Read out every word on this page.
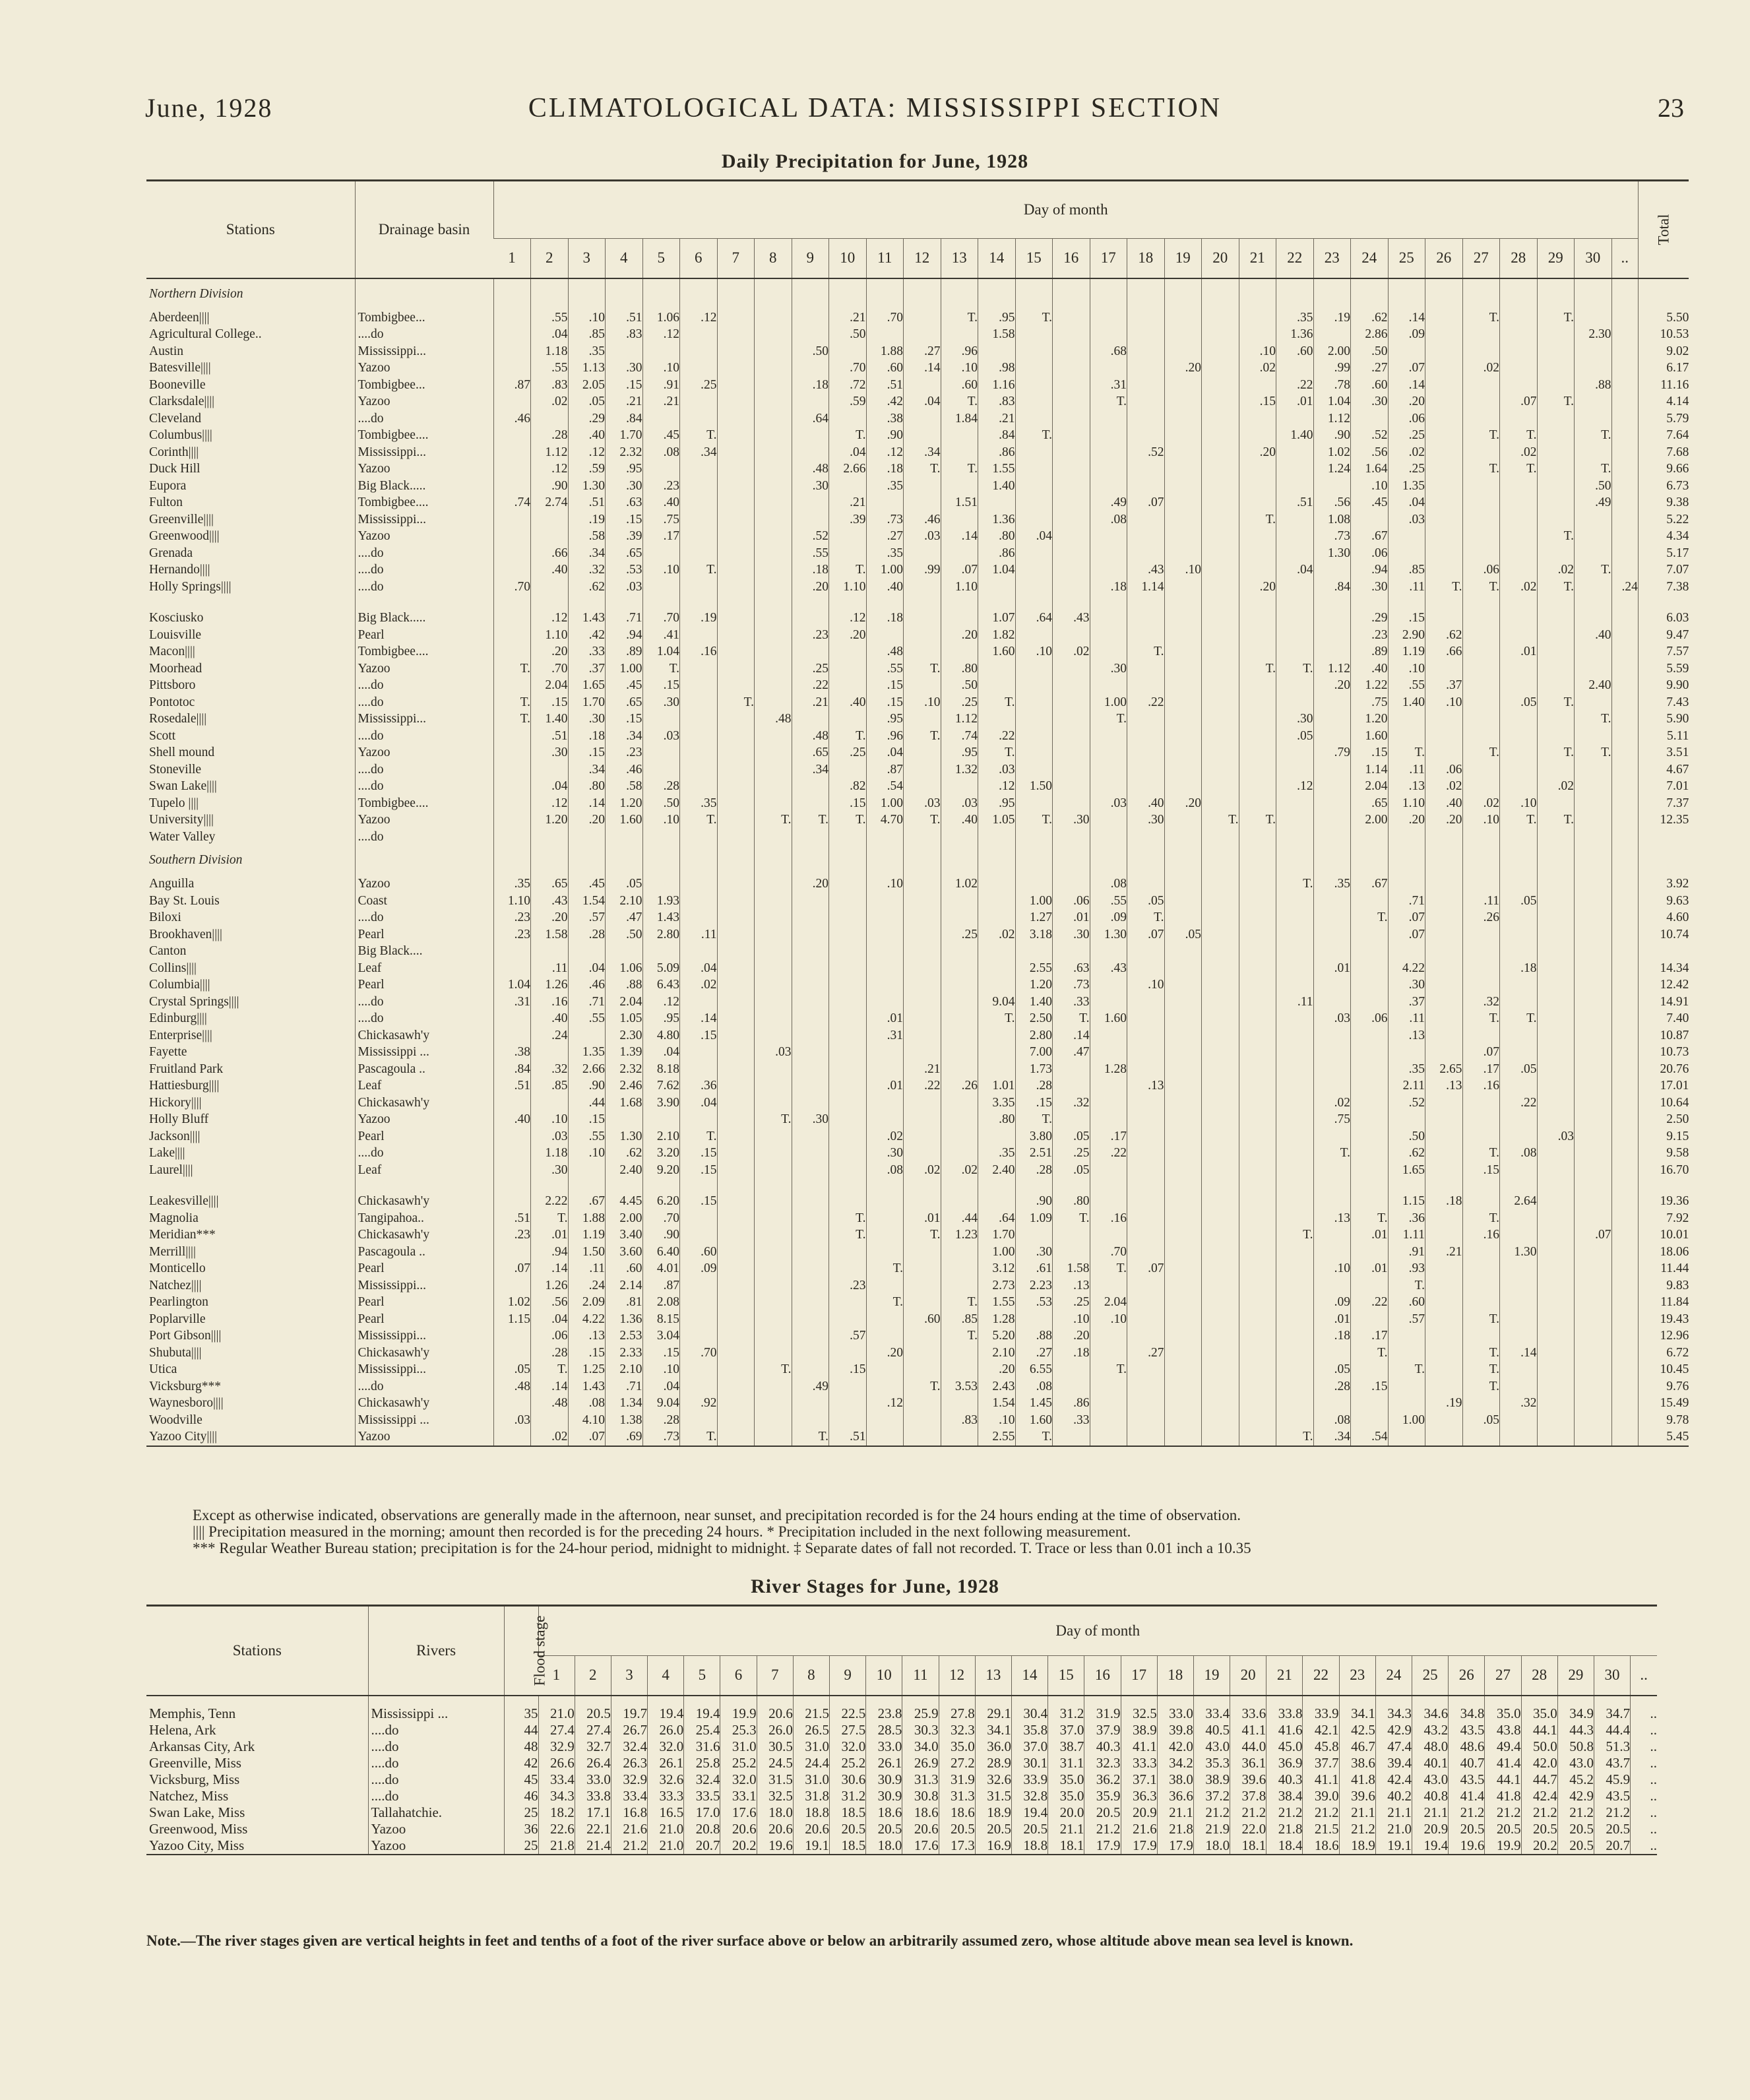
June, 1928	CLIMATOLOGICAL DATA: MISSISSIPPI SECTION	23
Daily Precipitation for June, 1928
Stations	Drainage basin	Day of month																															Total
		1	2	3	4	5	6	7	8	9	10	11	12	13	14	15	16	17	18	19	20	21	22	23	24	25	26	27	28	29	30	..	
Northern Division																																	
Aberdeen||||	Tombigbee...		.55	.10	.51	1.06	.12				.21	.70		T.	.95	T.							.35	.19	.62	.14		T.		T.			5.50
Agricultural College..	....do		.04	.85	.83	.12					.50				1.58								1.36		2.86	.09					2.30		10.53
Austin	Mississippi...		1.18	.35						.50		1.88	.27	.96				.68				.10	.60	2.00	.50								9.02
Batesville||||	Yazoo		.55	1.13	.30	.10					.70	.60	.14	.10	.98					.20		.02		.99	.27	.07		.02					6.17
Booneville	Tombigbee...	.87	.83	2.05	.15	.91	.25			.18	.72	.51		.60	1.16			.31					.22	.78	.60	.14					.88		11.16
Clarksdale||||	Yazoo		.02	.05	.21	.21					.59	.42	.04	T.	.83			T.				.15	.01	1.04	.30	.20			.07	T.			4.14
Cleveland	....do	.46		.29	.84					.64		.38		1.84	.21									1.12		.06							5.79
Columbus||||	Tombigbee....		.28	.40	1.70	.45	T.				T.	.90			.84	T.							1.40	.90	.52	.25		T.	T.		T.		7.64
Corinth||||	Mississippi...		1.12	.12	2.32	.08	.34				.04	.12	.34		.86				.52			.20		1.02	.56	.02			.02				7.68
Duck Hill	Yazoo		.12	.59	.95					.48	2.66	.18	T.	T.	1.55									1.24	1.64	.25		T.	T.		T.		9.66
Eupora	Big Black.....		.90	1.30	.30	.23				.30		.35			1.40										.10	1.35					.50		6.73
Fulton	Tombigbee....	.74	2.74	.51	.63	.40					.21			1.51				.49	.07				.51	.56	.45	.04					.49		9.38
Greenville||||	Mississippi...			.19	.15	.75					.39	.73	.46		1.36			.08				T.		1.08		.03							5.22
Greenwood||||	Yazoo			.58	.39	.17				.52		.27	.03	.14	.80	.04								.73	.67					T.			4.34
Grenada	....do		.66	.34	.65					.55		.35			.86									1.30	.06								5.17
Hernando||||	....do		.40	.32	.53	.10	T.			.18	T.	1.00	.99	.07	1.04				.43	.10			.04		.94	.85		.06		.02	T.		7.07
Holly Springs||||	....do	.70		.62	.03					.20	1.10	.40		1.10				.18	1.14			.20		.84	.30	.11	T.	T.	.02	T.		.24	7.38

Kosciusko	Big Black.....		.12	1.43	.71	.70	.19				.12	.18			1.07	.64	.43								.29	.15							6.03
Louisville	Pearl		1.10	.42	.94	.41				.23	.20			.20	1.82										.23	2.90	.62				.40		9.47
Macon||||	Tombigbee....		.20	.33	.89	1.04	.16					.48			1.60	.10	.02		T.						.89	1.19	.66		.01				7.57
Moorhead	Yazoo	T.	.70	.37	1.00	T.				.25		.55	T.	.80				.30				T.	T.	1.12	.40	.10							5.59
Pittsboro	....do		2.04	1.65	.45	.15				.22		.15		.50										.20	1.22	.55	.37				2.40		9.90
Pontotoc	....do	T.	.15	1.70	.65	.30		T.		.21	.40	.15	.10	.25	T.			1.00	.22						.75	1.40	.10		.05	T.			7.43
Rosedale||||	Mississippi...	T.	1.40	.30	.15				.48			.95		1.12				T.					.30		1.20						T.		5.90
Scott	....do		.51	.18	.34	.03				.48	T.	.96	T.	.74	.22								.05		1.60								5.11
Shell mound	Yazoo		.30	.15	.23					.65	.25	.04		.95	T.									.79	.15	T.		T.		T.	T.		3.51
Stoneville	....do			.34	.46					.34		.87		1.32	.03										1.14	.11	.06						4.67
Swan Lake||||	....do		.04	.80	.58	.28					.82	.54			.12	1.50							.12		2.04	.13	.02			.02			7.01
Tupelo ||||	Tombigbee....		.12	.14	1.20	.50	.35				.15	1.00	.03	.03	.95			.03	.40	.20					.65	1.10	.40	.02	.10				7.37
University||||	Yazoo		1.20	.20	1.60	.10	T.		T.	T.	T.	4.70	T.	.40	1.05	T.	.30		.30		T.	T.			2.00	.20	.20	.10	T.	T.			12.35
Water Valley	....do																																
Southern Division																																	
Anguilla	Yazoo	.35	.65	.45	.05					.20		.10		1.02				.08					T.	.35	.67								3.92
Bay St. Louis	Coast	1.10	.43	1.54	2.10	1.93										1.00	.06	.55	.05							.71		.11	.05				9.63
Biloxi	....do	.23	.20	.57	.47	1.43										1.27	.01	.09	T.						T.	.07		.26					4.60
Brookhaven||||	Pearl	.23	1.58	.28	.50	2.80	.11							.25	.02	3.18	.30	1.30	.07	.05						.07							10.74
Canton	Big Black....																																
Collins||||	Leaf		.11	.04	1.06	5.09	.04									2.55	.63	.43						.01		4.22			.18				14.34
Columbia||||	Pearl	1.04	1.26	.46	.88	6.43	.02									1.20	.73		.10							.30							12.42
Crystal Springs||||	....do	.31	.16	.71	2.04	.12									9.04	1.40	.33						.11			.37		.32					14.91
Edinburg||||	....do		.40	.55	1.05	.95	.14					.01			T.	2.50	T.	1.60						.03	.06	.11		T.	T.				7.40
Enterprise||||	Chickasawh'y		.24		2.30	4.80	.15					.31				2.80	.14									.13							10.87
Fayette	Mississippi ...	.38		1.35	1.39	.04			.03							7.00	.47											.07					10.73
Fruitland Park	Pascagoula ..	.84	.32	2.66	2.32	8.18							.21			1.73		1.28								.35	2.65	.17	.05				20.76
Hattiesburg||||	Leaf	.51	.85	.90	2.46	7.62	.36					.01	.22	.26	1.01	.28			.13							2.11	.13	.16					17.01
Hickory||||	Chickasawh'y			.44	1.68	3.90	.04								3.35	.15	.32							.02		.52			.22				10.64
Holly Bluff	Yazoo	.40	.10	.15					T.	.30					.80	T.								.75									2.50
Jackson||||	Pearl		.03	.55	1.30	2.10	T.					.02				3.80	.05	.17								.50				.03			9.15
Lake||||	....do		1.18	.10	.62	3.20	.15					.30			.35	2.51	.25	.22						T.		.62		T.	.08				9.58
Laurel||||	Leaf		.30		2.40	9.20	.15					.08	.02	.02	2.40	.28	.05									1.65		.15					16.70

Leakesville||||	Chickasawh'y		2.22	.67	4.45	6.20	.15									.90	.80									1.15	.18		2.64				19.36
Magnolia	Tangipahoa..	.51	T.	1.88	2.00	.70					T.		.01	.44	.64	1.09	T.	.16						.13	T.	.36		T.					7.92
Meridian***	Chickasawh'y	.23	.01	1.19	3.40	.90					T.		T.	1.23	1.70								T.		.01	1.11		.16			.07		10.01
Merrill||||	Pascagoula ..		.94	1.50	3.60	6.40	.60								1.00	.30		.70								.91	.21		1.30				18.06
Monticello	Pearl	.07	.14	.11	.60	4.01	.09					T.			3.12	.61	1.58	T.	.07					.10	.01	.93							11.44
Natchez||||	Mississippi...		1.26	.24	2.14	.87					.23				2.73	2.23	.13									T.							9.83
Pearlington	Pearl	1.02	.56	2.09	.81	2.08						T.		T.	1.55	.53	.25	2.04						.09	.22	.60							11.84
Poplarville	Pearl	1.15	.04	4.22	1.36	8.15							.60	.85	1.28		.10	.10						.01		.57		T.					19.43
Port Gibson||||	Mississippi...		.06	.13	2.53	3.04					.57			T.	5.20	.88	.20							.18	.17								12.96
Shubuta||||	Chickasawh'y		.28	.15	2.33	.15	.70					.20			2.10	.27	.18		.27						T.			T.	.14				6.72
Utica	Mississippi...	.05	T.	1.25	2.10	.10			T.		.15				.20	6.55		T.						.05		T.		T.					10.45
Vicksburg***	....do	.48	.14	1.43	.71	.04				.49			T.	3.53	2.43	.08								.28	.15			T.					9.76
Waynesboro||||	Chickasawh'y		.48	.08	1.34	9.04	.92					.12			1.54	1.45	.86										.19		.32				15.49
Woodville	Mississippi ...	.03		4.10	1.38	.28								.83	.10	1.60	.33							.08		1.00		.05					9.78
Yazoo City||||	Yazoo		.02	.07	.69	.73	T.			T.	.51				2.55	T.							T.	.34	.54								5.45

Except as otherwise indicated, observations are generally made in the afternoon, near sunset, and precipitation recorded is for the 24 hours ending at the time of observation.

|||| Precipitation measured in the morning; amount then recorded is for the preceding 24 hours. * Precipitation included in the next following measurement.

*** Regular Weather Bureau station; precipitation is for the 24-hour period, midnight to midnight. ‡ Separate dates of fall not recorded. T. Trace or less than 0.01 inch a 10.35

River Stages for June, 1928
Stations	Rivers	Flood stage	Day of month																														
			1	2	3	4	5	6	7	8	9	10	11	12	13	14	15	16	17	18	19	20	21	22	23	24	25	26	27	28	29	30	..
Memphis, Tenn	Mississippi ...	35	21.0	20.5	19.7	19.4	19.4	19.9	20.6	21.5	22.5	23.8	25.9	27.8	29.1	30.4	31.2	31.9	32.5	33.0	33.4	33.6	33.8	33.9	34.1	34.3	34.6	34.8	35.0	35.0	34.9	34.7	..
Helena, Ark	....do	44	27.4	27.4	26.7	26.0	25.4	25.3	26.0	26.5	27.5	28.5	30.3	32.3	34.1	35.8	37.0	37.9	38.9	39.8	40.5	41.1	41.6	42.1	42.5	42.9	43.2	43.5	43.8	44.1	44.3	44.4	..
Arkansas City, Ark	....do	48	32.9	32.7	32.4	32.0	31.6	31.0	30.5	31.0	32.0	33.0	34.0	35.0	36.0	37.0	38.7	40.3	41.1	42.0	43.0	44.0	45.0	45.8	46.7	47.4	48.0	48.6	49.4	50.0	50.8	51.3	..
Greenville, Miss	....do	42	26.6	26.4	26.3	26.1	25.8	25.2	24.5	24.4	25.2	26.1	26.9	27.2	28.9	30.1	31.1	32.3	33.3	34.2	35.3	36.1	36.9	37.7	38.6	39.4	40.1	40.7	41.4	42.0	43.0	43.7	..
Vicksburg, Miss	....do	45	33.4	33.0	32.9	32.6	32.4	32.0	31.5	31.0	30.6	30.9	31.3	31.9	32.6	33.9	35.0	36.2	37.1	38.0	38.9	39.6	40.3	41.1	41.8	42.4	43.0	43.5	44.1	44.7	45.2	45.9	..
Natchez, Miss	....do	46	34.3	33.8	33.4	33.3	33.5	33.1	32.5	31.8	31.2	30.9	30.8	31.3	31.5	32.8	35.0	35.9	36.3	36.6	37.2	37.8	38.4	39.0	39.6	40.2	40.8	41.4	41.8	42.4	42.9	43.5	..
Swan Lake, Miss	Tallahatchie.	25	18.2	17.1	16.8	16.5	17.0	17.6	18.0	18.8	18.5	18.6	18.6	18.6	18.9	19.4	20.0	20.5	20.9	21.1	21.2	21.2	21.2	21.2	21.1	21.1	21.1	21.2	21.2	21.2	21.2	21.2	..
Greenwood, Miss	Yazoo	36	22.6	22.1	21.6	21.0	20.8	20.6	20.6	20.6	20.5	20.5	20.6	20.5	20.5	20.5	21.1	21.2	21.6	21.8	21.9	22.0	21.8	21.5	21.2	21.0	20.9	20.5	20.5	20.5	20.5	20.5	..
Yazoo City, Miss	Yazoo	25	21.8	21.4	21.2	21.0	20.7	20.2	19.6	19.1	18.5	18.0	17.6	17.3	16.9	18.8	18.1	17.9	17.9	17.9	18.0	18.1	18.4	18.6	18.9	19.1	19.4	19.6	19.9	20.2	20.5	20.7	..
Note.—The river stages given are vertical heights in feet and tenths of a foot of the river surface above or below an arbitrarily assumed zero, whose altitude above mean sea level is known.
